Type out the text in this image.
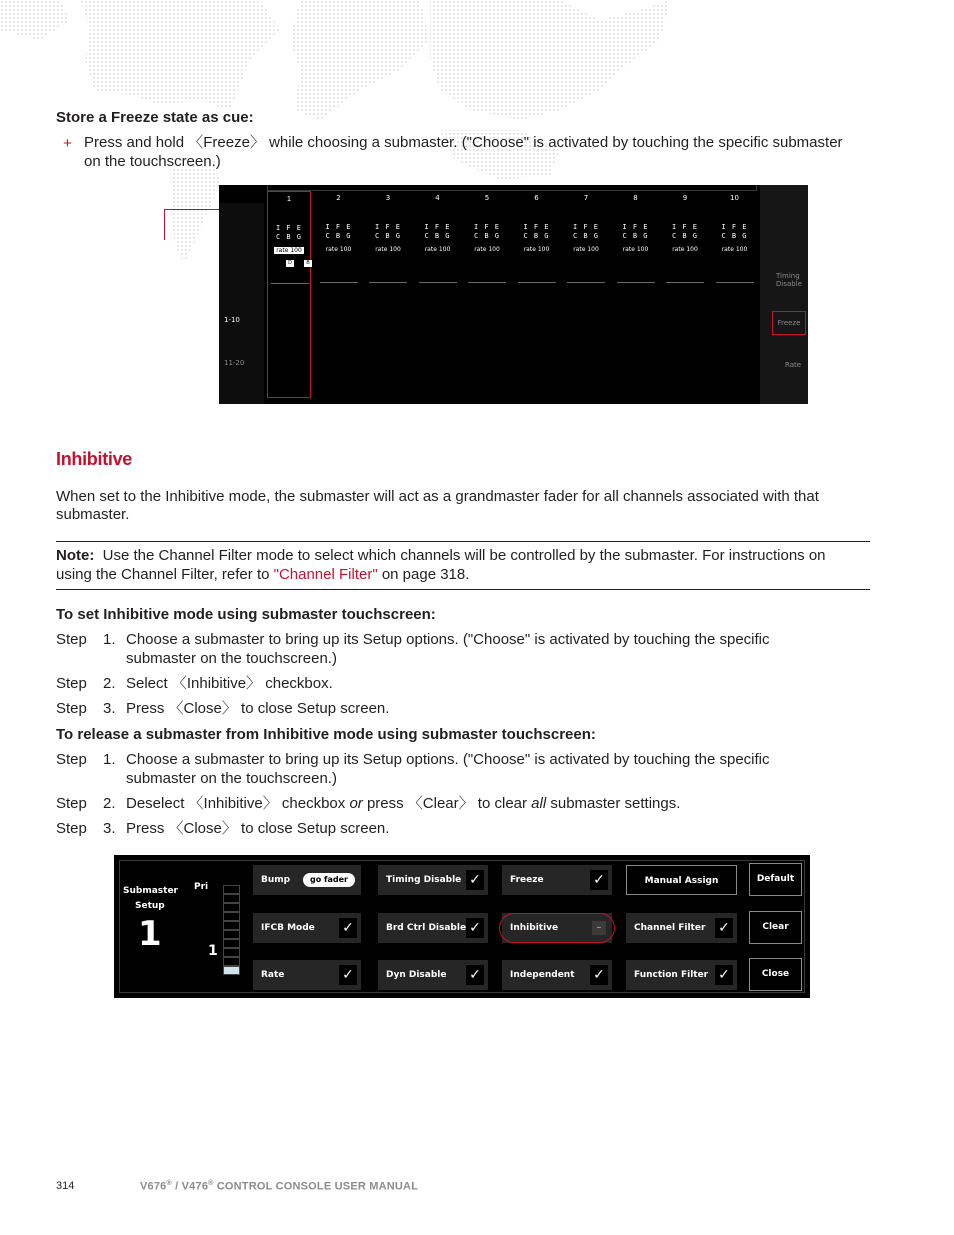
Store a Freeze state as cue:
+ Press and hold 〈Freeze〉 while choosing a submaster. ("Choose" is activated by touching the specific submaster
on the touchscreen.)
1
I F E
C B G
rate 100
D	B
2
I F E
C B G
rate 100
3
I F E
C B G
rate 100
4
I F E
C B G
rate 100
5
I F E
C B G
rate 100
6
I F E
C B G
rate 100
7
I F E
C B G
rate 100
8
I F E
C B G
rate 100
9
I F E
C B G
rate 100
10
I F E
C B G
rate 100
1-10
11-20
Timing
Disable
Freeze
Rate
Inhibitive
When set to the Inhibitive mode, the submaster will act as a grandmaster fader for all channels associated with that
submaster.
Note: Use the Channel Filter mode to select which channels will be controlled by the submaster. For instructions on
using the Channel Filter, refer to "Channel Filter" on page 318.
To set Inhibitive mode using submaster touchscreen:
Step 1. Choose a submaster to bring up its Setup options. ("Choose" is activated by touching the specific
submaster on the touchscreen.)
Step 2. Select 〈Inhibitive〉 checkbox.
Step 3. Press 〈Close〉 to close Setup screen.
To release a submaster from Inhibitive mode using submaster touchscreen:
Step 1. Choose a submaster to bring up its Setup options. ("Choose" is activated by touching the specific
submaster on the touchscreen.)
Step 2. Deselect 〈Inhibitive〉 checkbox or press 〈Clear〉 to clear all submaster settings.
Step 3. Press 〈Close〉 to close Setup screen.
Submaster
Setup
1
Pri
1
Bump	go fader
IFCB Mode ✓
Rate	✓
Timing Disable ✓
Brd Ctrl Disable ✓
Dyn Disable ✓
Freeze	✓
Inhibitive	–
Independent ✓
Manual Assign
Channel Filter ✓
Function Filter ✓
Default
Clear
Close
314	V676® / V476® CONTROL CONSOLE USER MANUAL
